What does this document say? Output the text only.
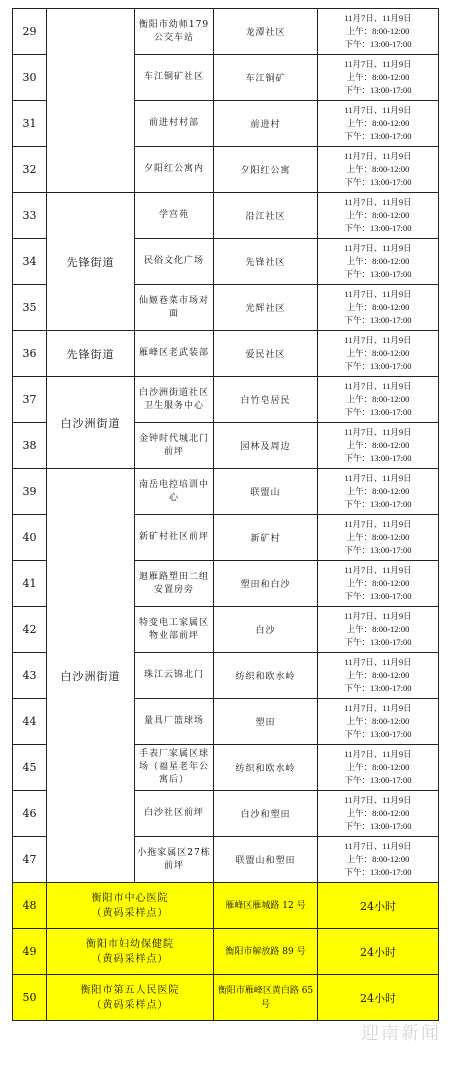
29		衡阳市幼师179公交车站	龙潭社区	11月7日、11月9日
上午：8:00-12:00
下午：13:00-17:00
30		车江铜矿社区	车江铜矿	11月7日、11月9日
上午：8:00-12:00
下午：13:00-17:00
31		前进村村部	前进村	11月7日、11月9日
上午：8:00-12:00
下午：13:00-17:00
32		夕阳红公寓内	夕阳红公寓	11月7日、11月9日
上午：8:00-12:00
下午：13:00-17:00
33	先锋街道	学宫苑	沿江社区	11月7日、11月9日
上午：8:00-12:00
下午：13:00-17:00
34		民俗文化广场	先锋社区	11月7日、11月9日
上午：8:00-12:00
下午：13:00-17:00
35		仙姬巷菜市场对面	光辉社区	11月7日、11月9日
上午：8:00-12:00
下午：13:00-17:00
36	先锋街道	雁峰区老武装部	爱民社区	11月7日、11月9日
上午：8:00-12:00
下午：13:00-17:00
37	白沙洲街道	白沙洲街道社区卫生服务中心	白竹皂居民	11月7日、11月9日
上午：8:00-12:00
下午：13:00-17:00
38		金钟时代城北门前坪	园林及周边	11月7日、11月9日
上午：8:00-12:00
下午：13:00-17:00
39	白沙洲街道	南岳电控培训中心	联盟山	11月7日、11月9日
上午：8:00-12:00
下午：13:00-17:00
40		新矿村社区前坪	新矿村	11月7日、11月9日
上午：8:00-12:00
下午：13:00-17:00
41		迴雁路塑田二组安置房旁	塑田和白沙	11月7日、11月9日
上午：8:00-12:00
下午：13:00-17:00
42		特变电工家属区物业部前坪	白沙	11月7日、11月9日
上午：8:00-12:00
下午：13:00-17:00
43		珠江云锦北门	纺织和欧水岭	11月7日、11月9日
上午：8:00-12:00
下午：13:00-17:00
44		量具厂篮球场	塑田	11月7日、11月9日
上午：8:00-12:00
下午：13:00-17:00
45		手表厂家属区球场（福星老年公寓后）	纺织和欧水岭	11月7日、11月9日
上午：8:00-12:00
下午：13:00-17:00
46		白沙社区前坪	白沙和塑田	11月7日、11月9日
上午：8:00-12:00
下午：13:00-17:00
47		小拖家属区27栋前坪	联盟山和塑田	11月7日、11月9日
上午：8:00-12:00
下午：13:00-17:00
48	衡阳市中心医院
（黄码采样点）		雁峰区雁城路 12 号	24小时
49	衡阳市妇幼保健院
（黄码采样点）		衡阳市解放路 89 号	24小时
50	衡阳市第五人民医院
（黄码采样点）		衡阳市雁峰区黄白路 65 号	24小时
迎南新闻
